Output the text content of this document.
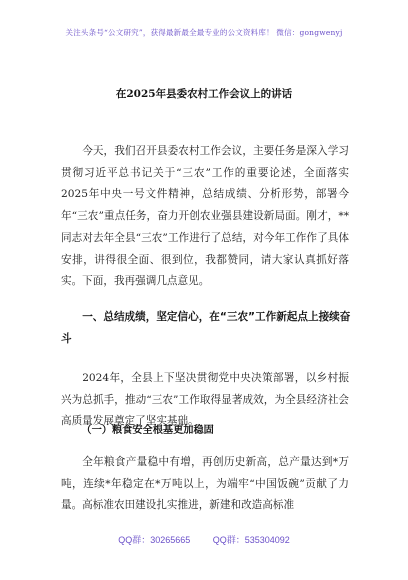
关注头条号“公文研究”，获得最新最全最专业的公文资料库！ 微信：gongwenyj
在2025年县委农村工作会议上的讲话

今天，我们召开县委农村工作会议，主要任务是深入学习贯彻习近平总书记关于“三农”工作的重要论述，全面落实2025年中央一号文件精神，总结成绩、分析形势，部署今年“三农”重点任务，奋力开创农业强县建设新局面。刚才，**同志对去年全县“三农”工作进行了总结，对今年工作作了具体安排，讲得很全面、很到位，我都赞同，请大家认真抓好落实。下面，我再强调几点意见。

一、总结成绩，坚定信心，在“三农”工作新起点上接续奋斗

2024年，全县上下坚决贯彻党中央决策部署，以乡村振兴为总抓手，推动“三农”工作取得显著成效，为全县经济社会高质量发展奠定了坚实基础。

（一）粮食安全根基更加稳固

全年粮食产量稳中有增，再创历史新高，总产量达到*万吨，连续*年稳定在*万吨以上，为端牢“中国饭碗”贡献了力量。高标准农田建设扎实推进，新建和改造高标准

QQ群：30265665	QQ群：535304092
